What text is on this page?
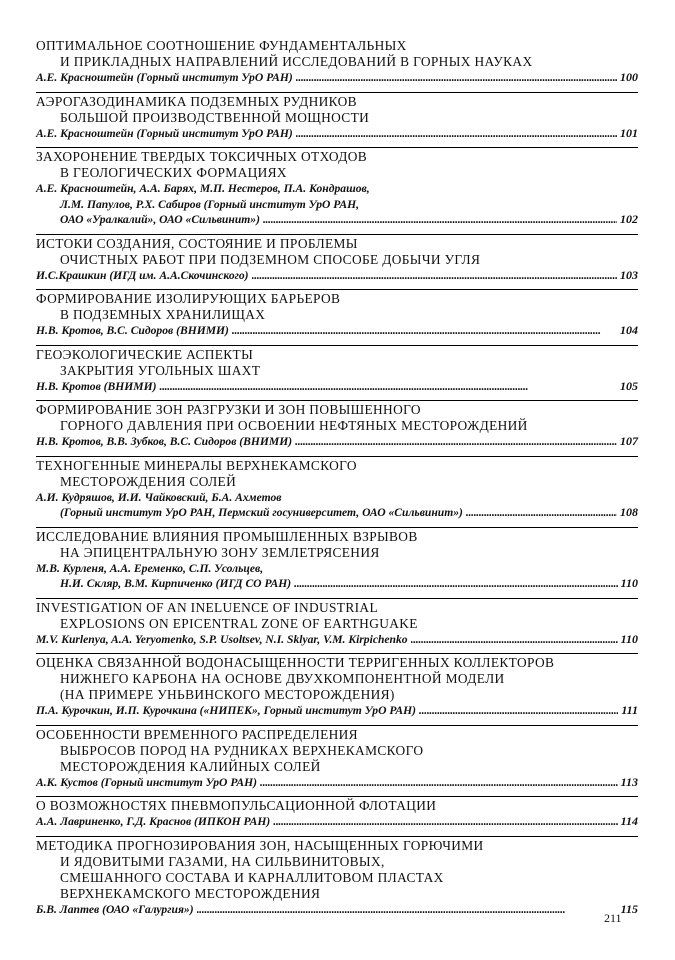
ОПТИМАЛЬНОЕ СООТНОШЕНИЕ ФУНДАМЕНТАЛЬНЫХ
И ПРИКЛАДНЫХ НАПРАВЛЕНИЙ ИССЛЕДОВАНИЙ В ГОРНЫХ НАУКАХ
А.Е. Красноштейн (Горный институт УрО РАН) . . .	100
АЭРОГАЗОДИНАМИКА ПОДЗЕМНЫХ РУДНИКОВ
БОЛЬШОЙ ПРОИЗВОДСТВЕННОЙ МОЩНОСТИ
А.Е. Красноштейн (Горный институт УрО РАН) . . .	101
ЗАХОРОНЕНИЕ ТВЕРДЫХ ТОКСИЧНЫХ ОТХОДОВ
В ГЕОЛОГИЧЕСКИХ ФОРМАЦИЯХ
А.Е. Красноштейн, А.А. Барях, М.П. Нестеров, П.А. Кондрашов,
Л.М. Папулов, Р.Х. Сабиров (Горный институт УрО РАН,
ОАО «Уралкалий», ОАО «Сильвинит») . . .	102
ИСТОКИ СОЗДАНИЯ, СОСТОЯНИЕ И ПРОБЛЕМЫ
ОЧИСТНЫХ РАБОТ ПРИ ПОДЗЕМНОМ СПОСОБЕ ДОБЫЧИ УГЛЯ
И.С.Крашкин (ИГД им. А.А.Скочинского) . . .	103
ФОРМИРОВАНИЕ ИЗОЛИРУЮЩИХ БАРЬЕРОВ
В ПОДЗЕМНЫХ ХРАНИЛИЩАХ
Н.В. Кротов, В.С. Сидоров (ВНИМИ) . . .	104
ГЕОЭКОЛОГИЧЕСКИЕ АСПЕКТЫ
ЗАКРЫТИЯ УГОЛЬНЫХ ШАХТ
Н.В. Кротов (ВНИМИ) . . .	105
ФОРМИРОВАНИЕ ЗОН РАЗГРУЗКИ И ЗОН ПОВЫШЕННОГО
ГОРНОГО ДАВЛЕНИЯ ПРИ ОСВОЕНИИ НЕФТЯНЫХ МЕСТОРОЖДЕНИЙ
Н.В. Кротов, В.В. Зубков, В.С. Сидоров (ВНИМИ) . . .	107
ТЕХНОГЕННЫЕ МИНЕРАЛЫ ВЕРХНЕКАМСКОГО
МЕСТОРОЖДЕНИЯ СОЛЕЙ
А.И. Кудряшов, И.И. Чайковский, Б.А. Ахметов
(Горный институт УрО РАН, Пермский госуниверситет, ОАО «Сильвинит») . . .	108
ИССЛЕДОВАНИЕ ВЛИЯНИЯ ПРОМЫШЛЕННЫХ ВЗРЫВОВ
НА ЭПИЦЕНТРАЛЬНУЮ ЗОНУ ЗЕМЛЕТРЯСЕНИЯ
М.В. Курленя, А.А. Еременко, С.П. Усольцев,
Н.И. Скляр, В.М. Кирпиченко (ИГД СО РАН) . . .	110
INVESTIGATION OF AN INELUENCE OF INDUSTRIAL
EXPLOSIONS ON EPICENTRAL ZONE OF EARTHGUAKE
M.V. Kurlenya, A.A. Yeryomenko, S.P. Usoltsev, N.I. Sklyar, V.M. Kirpichenko . . .	110
ОЦЕНКА СВЯЗАННОЙ ВОДОНАСЫЩЕННОСТИ ТЕРРИГЕННЫХ КОЛЛЕКТОРОВ
НИЖНЕГО КАРБОНА НА ОСНОВЕ ДВУХКОМПОНЕНТНОЙ МОДЕЛИ
(НА ПРИМЕРЕ УНЬВИНСКОГО МЕСТОРОЖДЕНИЯ)
П.А. Курочкин, И.П. Курочкина («НИПЕК», Горный институт УрО РАН) . . .	111
ОСОБЕННОСТИ ВРЕМЕННОГО РАСПРЕДЕЛЕНИЯ
ВЫБРОСОВ ПОРОД НА РУДНИКАХ ВЕРХНЕКАМСКОГО
МЕСТОРОЖДЕНИЯ КАЛИЙНЫХ СОЛЕЙ
А.К. Кустов (Горный институт УрО РАН) . . .	113
О ВОЗМОЖНОСТЯХ ПНЕВМОПУЛЬСАЦИОННОЙ ФЛОТАЦИИ
А.А. Лавриненко, Г.Д. Краснов (ИПКОН РАН) . . .	114
МЕТОДИКА ПРОГНОЗИРОВАНИЯ ЗОН, НАСЫЩЕННЫХ ГОРЮЧИМИ
И ЯДОВИТЫМИ ГАЗАМИ, НА СИЛЬВИНИТОВЫХ,
СМЕШАННОГО СОСТАВА И КАРНАЛЛИТОВОМ ПЛАСТАХ
ВЕРХНЕКАМСКОГО МЕСТОРОЖДЕНИЯ
Б.В. Лаптев (ОАО «Галургия») . . .	115
211
